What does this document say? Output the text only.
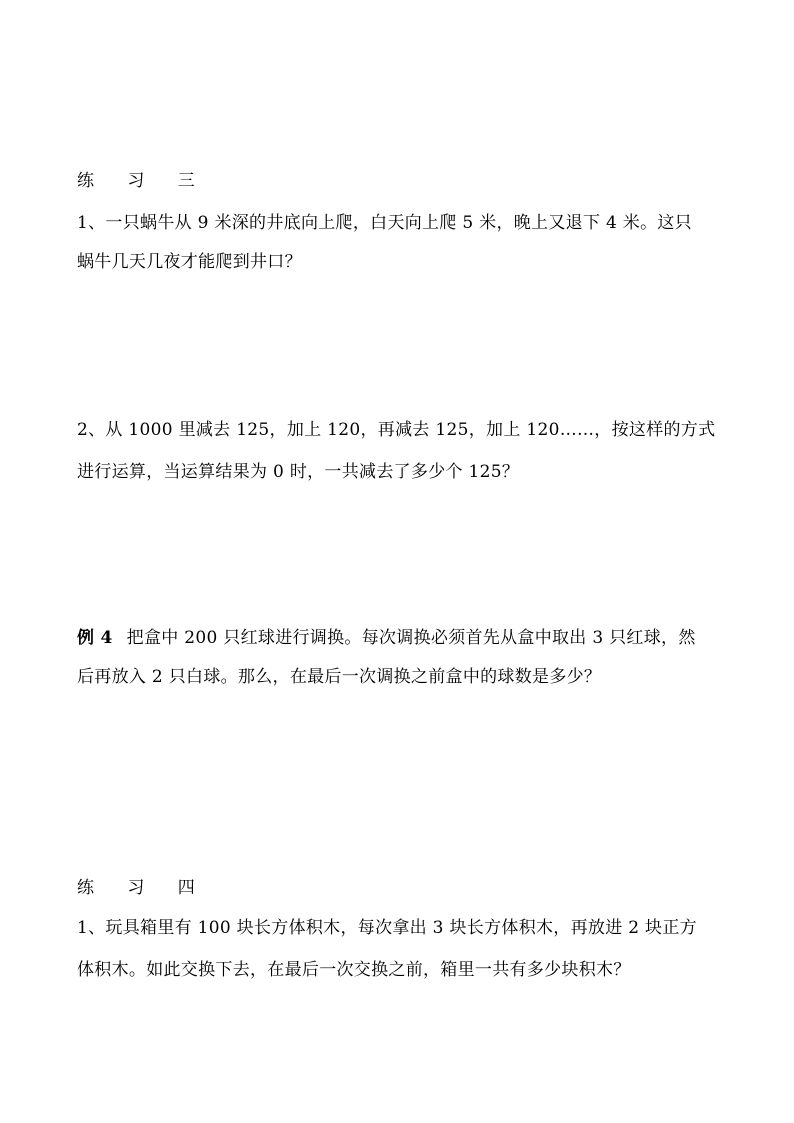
练 习 三
1、一只蜗牛从 9 米深的井底向上爬，白天向上爬 5 米，晚上又退下 4 米。这只
蜗牛几天几夜才能爬到井口？
2、从 1000 里减去 125，加上 120，再减去 125，加上 120……，按这样的方式
进行运算，当运算结果为 0 时，一共减去了多少个 125？
例 4 把盒中 200 只红球进行调换。每次调换必须首先从盒中取出 3 只红球，然
后再放入 2 只白球。那么，在最后一次调换之前盒中的球数是多少？
练 习 四
1、玩具箱里有 100 块长方体积木，每次拿出 3 块长方体积木，再放进 2 块正方
体积木。如此交换下去，在最后一次交换之前，箱里一共有多少块积木？
